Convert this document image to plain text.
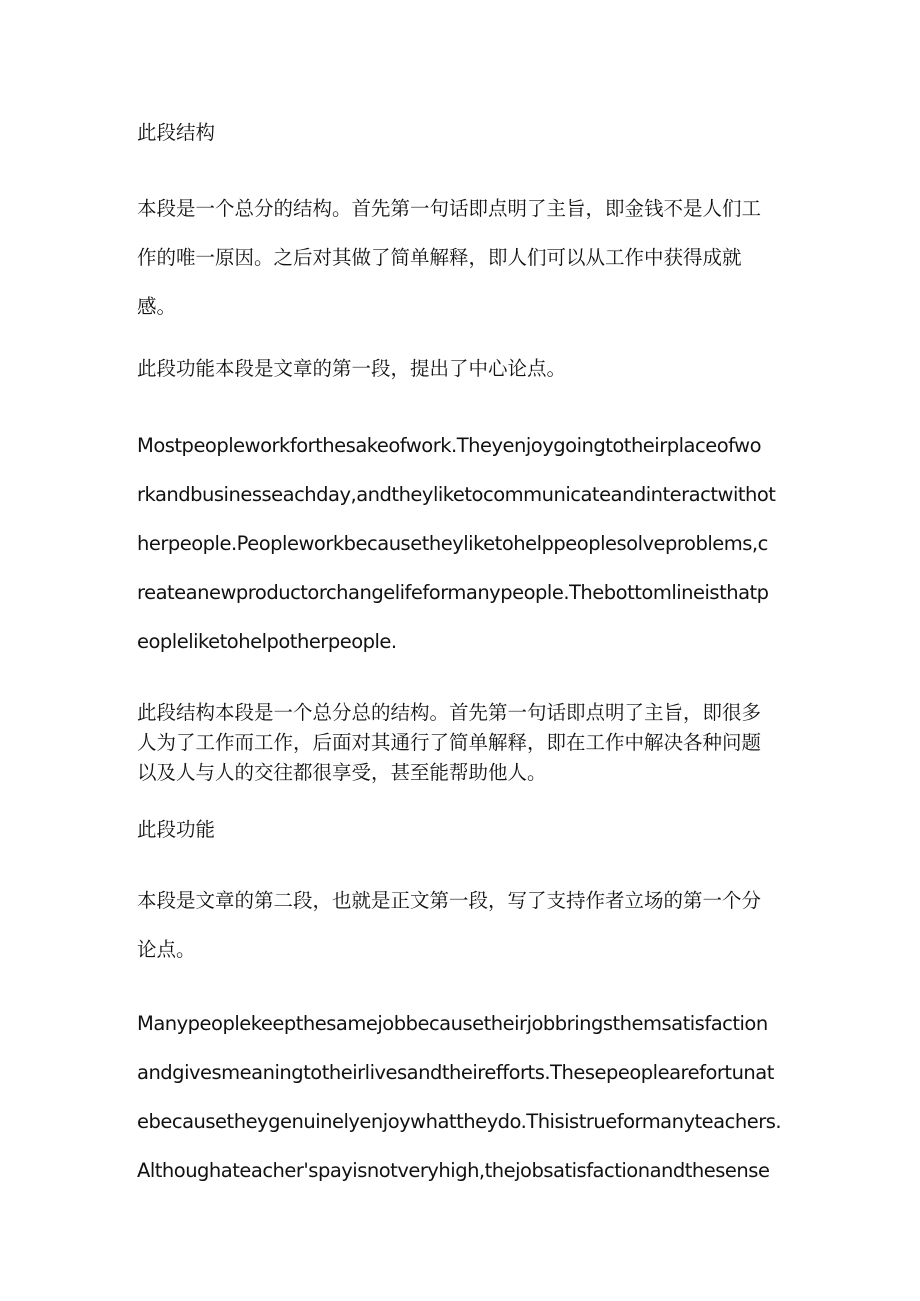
此段结构

本段是一个总分的结构。首先第一句话即点明了主旨，即金钱不是人们工
作的唯一原因。之后对其做了简单解释，即人们可以从工作中获得成就
感。

此段功能本段是文章的第一段，提出了中心论点。

Mostpeopleworkforthesakeofwork.Theyenjoygoingtotheirplaceofwo
rkandbusinesseachday,andtheyliketocommunicateandinteractwithot
herpeople.Peopleworkbecausetheyliketohelppeoplesolveproblems,c
reateanewproductorchangelifeformanypeople.Thebottomlineisthatp
eopleliketohelpotherpeople.

此段结构本段是一个总分总的结构。首先第一句话即点明了主旨，即很多
人为了工作而工作，后面对其通行了简单解释，即在工作中解决各种问题
以及人与人的交往都很享受，甚至能帮助他人。

此段功能

本段是文章的第二段，也就是正文第一段，写了支持作者立场的第一个分
论点。

Manypeoplekeepthesamejobbecausetheirjobbringsthemsatisfaction
andgivesmeaningtotheirlivesandtheirefforts.Thesepeoplearefortunat
ebecausetheygenuinelyenjoywhattheydo.Thisistrueformanyteachers.
Althoughateacher'spayisnotveryhigh,thejobsatisfactionandthesense
